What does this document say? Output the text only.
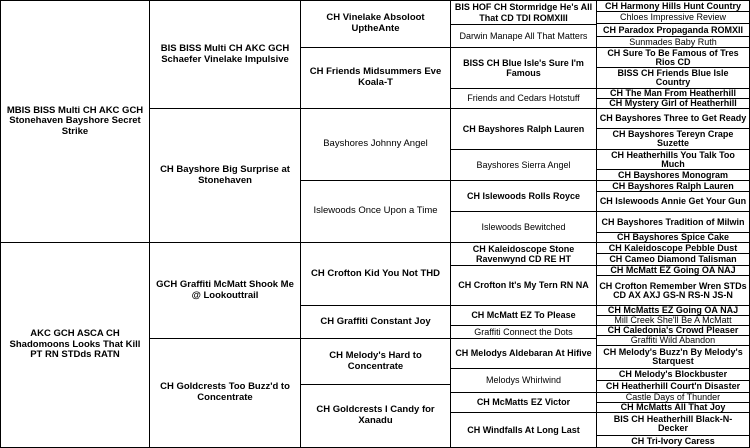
MBIS BISS Multi CH AKC GCH Stonehaven Bayshore Secret Strike
AKC GCH ASCA CH Shadomoons Looks That Kill PT RN STDds RATN
BIS BISS Multi CH AKC GCH Schaefer Vinelake Impulsive
CH Bayshore Big Surprise at Stonehaven
GCH Graffiti McMatt Shook Me @ Lookouttrail
CH Goldcrests Too Buzz'd to Concentrate
CH Vinelake Absoloot UptheAnte
CH Friends Midsummers Eve Koala-T
Bayshores Johnny Angel
Islewoods Once Upon a Time
CH Crofton Kid You Not THD
CH Graffiti Constant Joy
CH Melody's Hard to Concentrate
CH Goldcrests I Candy for Xanadu
BIS HOF CH Stormridge He's All That CD TDI ROMXIII
Darwin Manape All That Matters
BISS CH Blue Isle's Sure I'm Famous
Friends and Cedars Hotstuff
CH Bayshores Ralph Lauren
Bayshores Sierra Angel
CH Islewoods Rolls Royce
Islewoods Bewitched
CH Kaleidoscope Stone Ravenwynd CD RE HT
CH Crofton It's My Tern RN NA
CH McMatt EZ To Please
Graffiti Connect the Dots
CH Melodys Aldebaran At Hifive
Melodys Whirlwind
CH McMatts EZ Victor
CH Windfalls At Long Last
CH Harmony Hills Hunt Country
Chloes Impressive Review
CH Paradox Propaganda ROMXII
Sunmades Baby Ruth
CH Sure To Be Famous of Tres Rios CD
BISS CH Friends Blue Isle Country
CH The Man From Heatherhill
CH Mystery Girl of Heatherhill
CH Bayshores Three to Get Ready
CH Bayshores Tereyn Crape Suzette
CH Heatherhills You Talk Too Much
CH Bayshores Monogram
CH Bayshores Ralph Lauren
CH Islewoods Annie Get Your Gun
CH Bayshores Tradition of Milwin
CH Bayshores Spice Cake
CH Kaleidoscope Pebble Dust
CH Cameo Diamond Talisman
CH McMatt EZ Going OA NAJ
CH Crofton Remember Wren STDs CD AX AXJ GS-N RS-N JS-N
CH McMatts EZ Going OA NAJ
Mill Creek She'll Be A McMatt
CH Caledonia's Crowd Pleaser
Graffiti Wild Abandon
CH Melody's Buzz'n By Melody's Starquest
CH Melody's Blockbuster
CH Heatherhill Court'n Disaster
Castle Days of Thunder
CH McMatts All That Joy
BIS CH Heatherhill Black-N-Decker
CH Tri-Ivory Caress
